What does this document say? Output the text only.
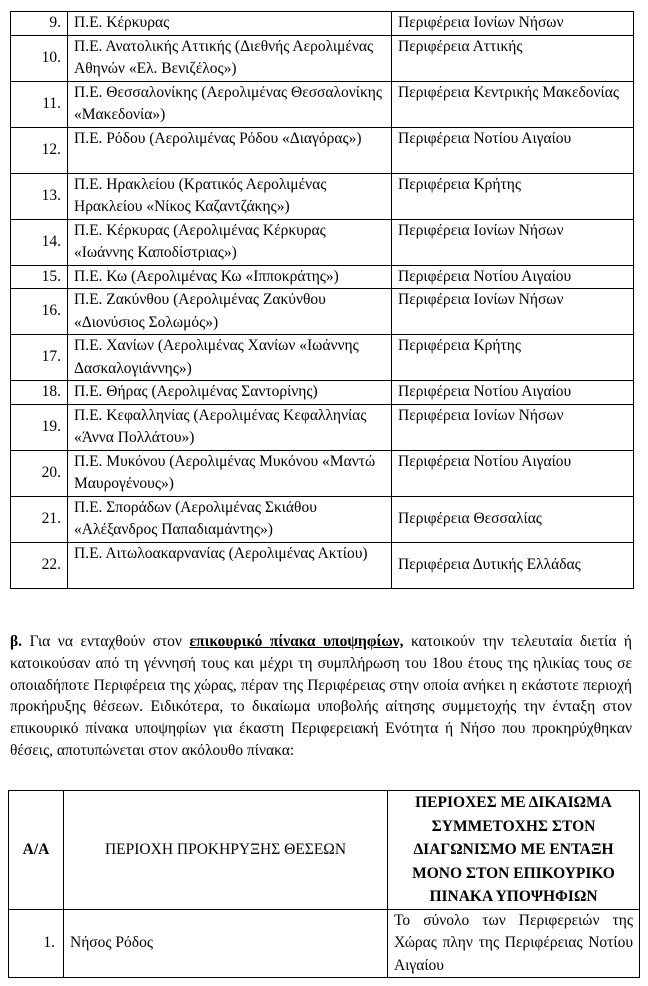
9.	Π.Ε. Κέρκυρας	Περιφέρεια Ιονίων Νήσων
10.	Π.Ε. Ανατολικής Αττικής (Διεθνής Αερολιμένας Αθηνών «Ελ. Βενιζέλος»)	Περιφέρεια Αττικής
11.	Π.Ε. Θεσσαλονίκης (Αερολιμένας Θεσσαλονίκης «Μακεδονία»)	Περιφέρεια Κεντρικής Μακεδονίας
12.	Π.Ε. Ρόδου (Αερολιμένας Ρόδου «Διαγόρας»)	Περιφέρεια Νοτίου Αιγαίου
13.	Π.Ε. Ηρακλείου (Κρατικός Αερολιμένας Ηρακλείου «Νίκος Καζαντζάκης»)	Περιφέρεια Κρήτης
14.	Π.Ε. Κέρκυρας (Αερολιμένας Κέρκυρας «Ιωάννης Καποδίστριας»)	Περιφέρεια Ιονίων Νήσων
15.	Π.Ε. Κω (Αερολιμένας Κω «Ιπποκράτης»)	Περιφέρεια Νοτίου Αιγαίου
16.	Π.Ε. Ζακύνθου (Αερολιμένας Ζακύνθου «Διονύσιος Σολωμός»)	Περιφέρεια Ιονίων Νήσων
17.	Π.Ε. Χανίων (Αερολιμένας Χανίων «Ιωάννης Δασκαλογιάννης»)	Περιφέρεια Κρήτης
18.	Π.Ε. Θήρας (Αερολιμένας Σαντορίνης)	Περιφέρεια Νοτίου Αιγαίου
19.	Π.Ε. Κεφαλληνίας (Αερολιμένας Κεφαλληνίας «Άννα Πολλάτου»)	Περιφέρεια Ιονίων Νήσων
20.	Π.Ε. Μυκόνου (Αερολιμένας Μυκόνου «Μαντώ Μαυρογένους»)	Περιφέρεια Νοτίου Αιγαίου
21.	Π.Ε. Σποράδων (Αερολιμένας Σκιάθου «Αλέξανδρος Παπαδιαμάντης»)	Περιφέρεια Θεσσαλίας
22.	Π.Ε. Αιτωλοακαρνανίας (Αερολιμένας Ακτίου)	Περιφέρεια Δυτικής Ελλάδας
β. Για να ενταχθούν στον επικουρικό πίνακα υποψηφίων, κατοικούν την τελευταία διετία ή κατοικούσαν από τη γέννησή τους και μέχρι τη συμπλήρωση του 18ου έτους της ηλικίας τους σε οποιαδήποτε Περιφέρεια της χώρας, πέραν της Περιφέρειας στην οποία ανήκει η εκάστοτε περιοχή προκήρυξης θέσεων. Ειδικότερα, το δικαίωμα υποβολής αίτησης συμμετοχής την ένταξη στον επικουρικό πίνακα υποψηφίων για έκαστη Περιφερειακή Ενότητα ή Νήσο που προκηρύχθηκαν θέσεις, αποτυπώνεται στον ακόλουθο πίνακα:
Α/Α	ΠΕΡΙΟΧΗ ΠΡΟΚΗΡΥΞΗΣ ΘΕΣΕΩΝ	ΠΕΡΙΟΧΕΣ ΜΕ ΔΙΚΑΙΩΜΑ ΣΥΜΜΕΤΟΧΗΣ ΣΤΟΝ ΔΙΑΓΩΝΙΣΜΟ ΜΕ ΕΝΤΑΞΗ ΜΟΝΟ ΣΤΟΝ ΕΠΙΚΟΥΡΙΚΟ ΠΙΝΑΚΑ ΥΠΟΨΗΦΙΩΝ
1.	Νήσος Ρόδος	Το σύνολο των Περιφερειών της Χώρας πλην της Περιφέρειας Νοτίου Αιγαίου
